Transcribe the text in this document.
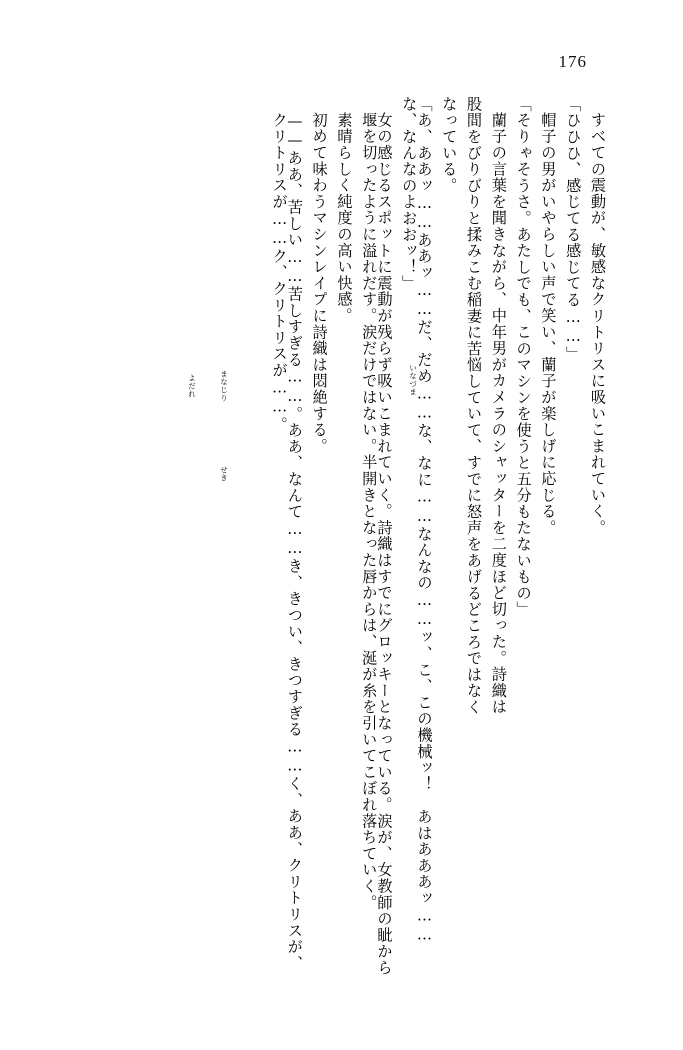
176
すべての震動が、敏感なクリトリスに吸いこまれていく。
「ひひひ、感じてる感じてる……」
帽子の男がいやらしい声で笑い、蘭子が楽しげに応じる。
「そりゃそうさ。あたしでも、このマシンを使うと五分もたないもの」
蘭子の言葉を聞きながら、中年男がカメラのシャッターを二度ほど切った。詩織は
股間をびりびりと揉みこむ稲妻に苦悩していて、すでに怒声をあげるどころではなく
なっている。
「あ、ああッ……ああッ……だ、だめ……な、なに……なんなの……ッ、こ、この機械ッ！　あはあああッ……な、なんなのよおおッ！」
女の感じるスポットに震動が残らず吸いこまれていく。詩織はすでにグロッキーとなっている。涙が、女教師の眦から堰を切ったように溢れだす。涙だけではない。半開きとなった唇からは、涎が糸を引いてこぼれ落ちていく。
素晴らしく純度の高い快感。
初めて味わうマシンレイプに詩織は悶絶する。
——ああ、苦しい……苦しすぎる……。ああ、なんて……き、きつい、きつすぎる……く、ああ、クリトリスが、クリトリスが……ク、クリトリスが……。	いなづま
まなじり
せき
よだれ
